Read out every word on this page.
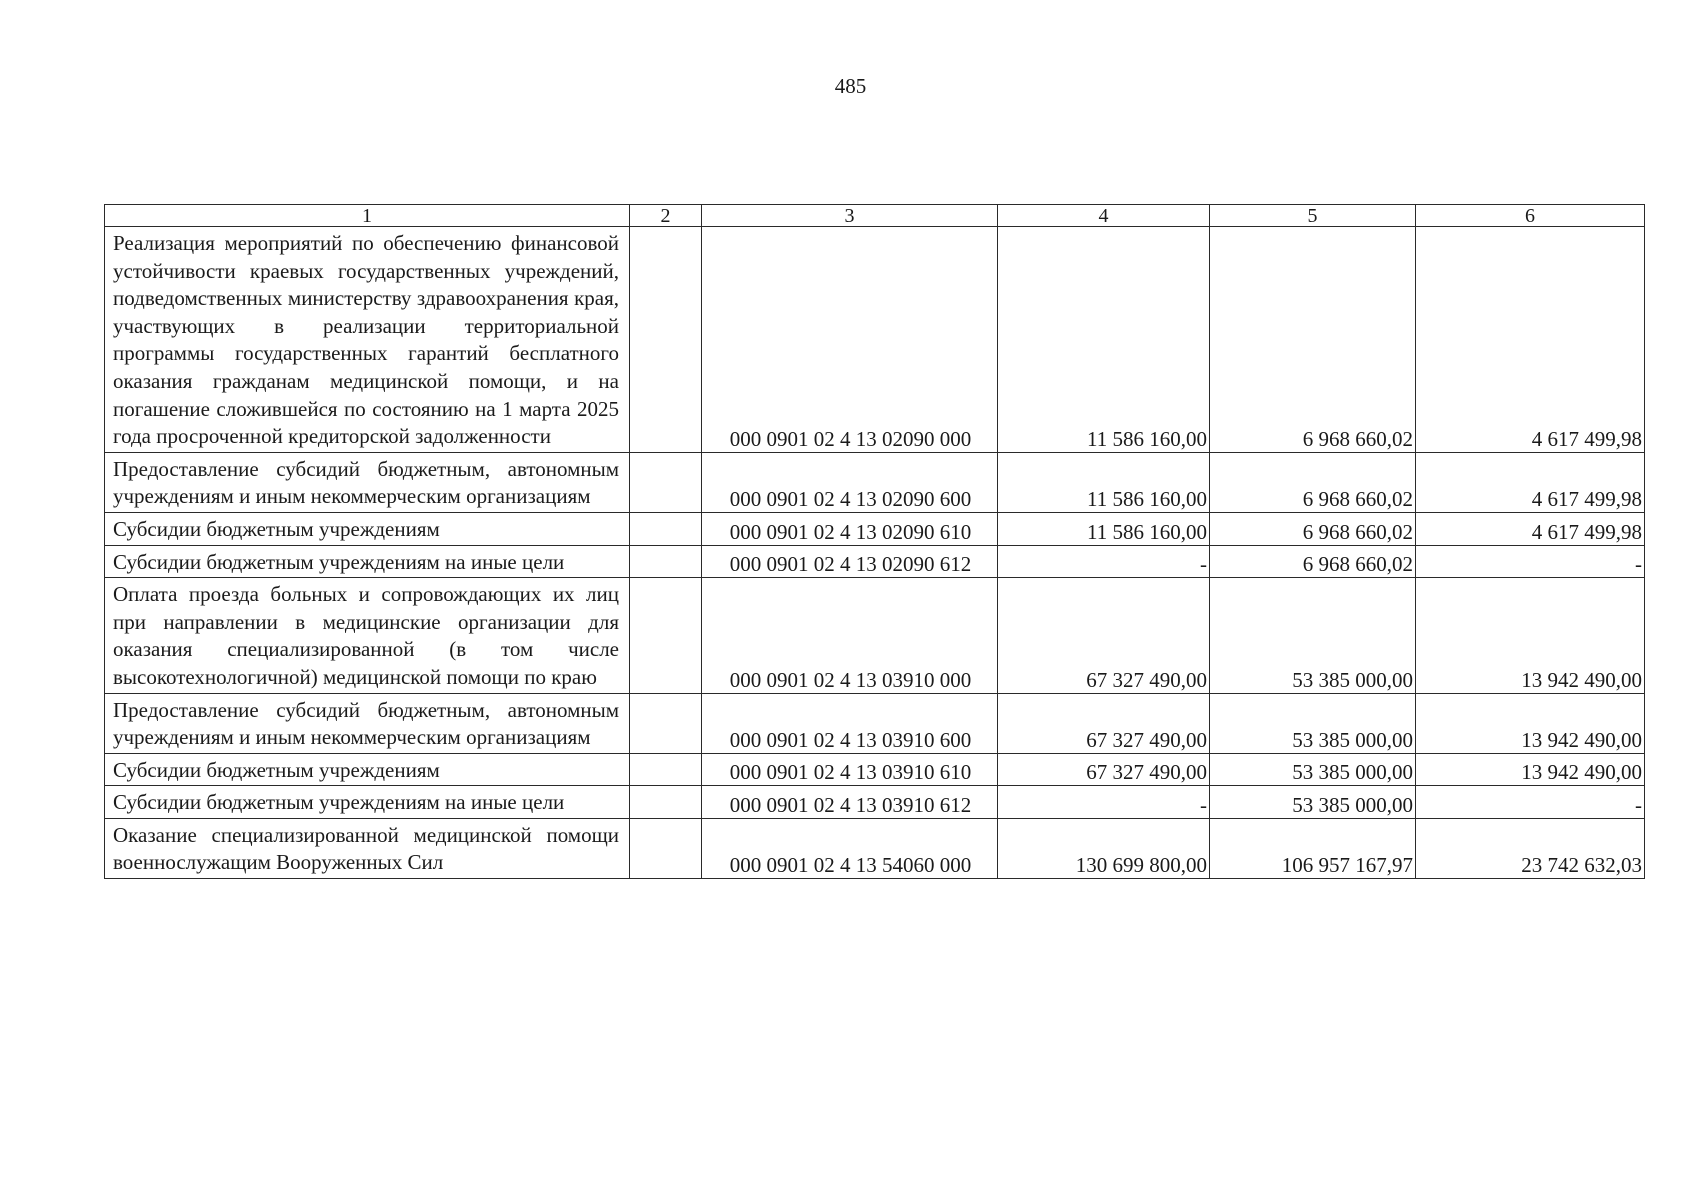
485
1	2	3	4	5	6
Реализация мероприятий по обеспечению финансовой устойчивости краевых государственных учреждений, подведомственных министерству здравоохранения края, участвующих в реализации территориальной программы государственных гарантий бесплатного оказания гражданам медицинской помощи, и на погашение сложившейся по состоянию на 1 марта 2025 года просроченной кредиторской задолженности		000 0901 02 4 13 02090 000	11 586 160,00	6 968 660,02	4 617 499,98
Предоставление субсидий бюджетным, автономным учреждениям и иным некоммерческим организациям		000 0901 02 4 13 02090 600	11 586 160,00	6 968 660,02	4 617 499,98
Субсидии бюджетным учреждениям		000 0901 02 4 13 02090 610	11 586 160,00	6 968 660,02	4 617 499,98
Субсидии бюджетным учреждениям на иные цели		000 0901 02 4 13 02090 612	-	6 968 660,02	-
Оплата проезда больных и сопровождающих их лиц при направлении в медицинские организации для оказания специализированной (в том числе высокотехнологичной) медицинской помощи по краю		000 0901 02 4 13 03910 000	67 327 490,00	53 385 000,00	13 942 490,00
Предоставление субсидий бюджетным, автономным учреждениям и иным некоммерческим организациям		000 0901 02 4 13 03910 600	67 327 490,00	53 385 000,00	13 942 490,00
Субсидии бюджетным учреждениям		000 0901 02 4 13 03910 610	67 327 490,00	53 385 000,00	13 942 490,00
Субсидии бюджетным учреждениям на иные цели		000 0901 02 4 13 03910 612	-	53 385 000,00	-
Оказание специализированной медицинской помощи военнослужащим Вооруженных Сил		000 0901 02 4 13 54060 000	130 699 800,00	106 957 167,97	23 742 632,03
